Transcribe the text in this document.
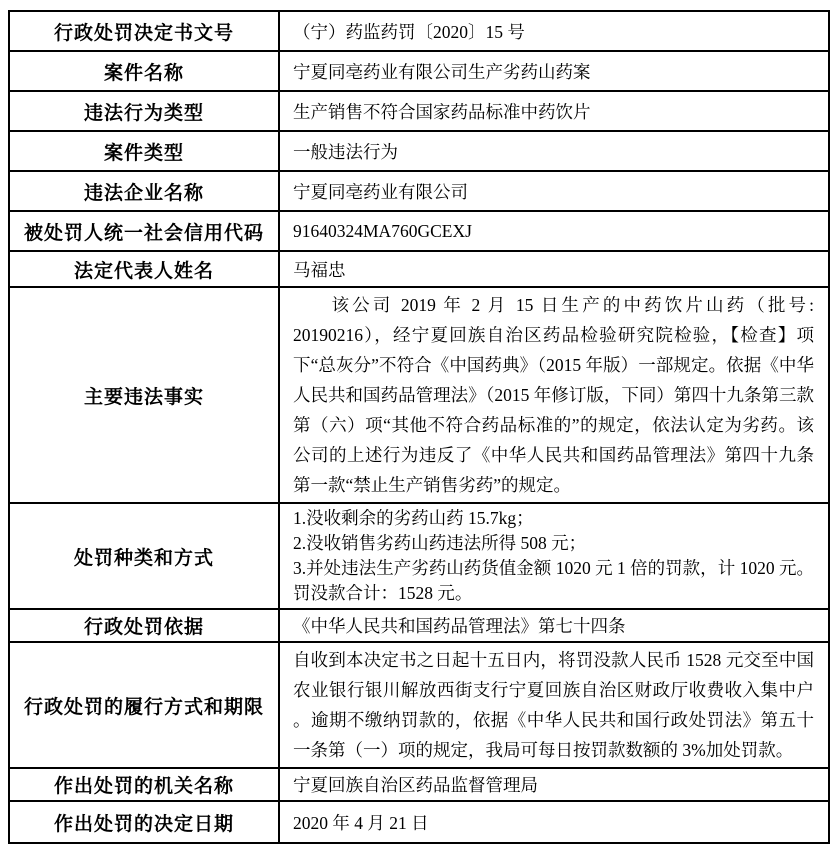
行政处罚决定书文号	（宁）药监药罚〔2020〕15 号
案件名称	宁夏同亳药业有限公司生产劣药山药案
违法行为类型	生产销售不符合国家药品标准中药饮片
案件类型	一般违法行为
违法企业名称	宁夏同亳药业有限公司
被处罚人统一社会信用代码	91640324MA760GCEXJ
法定代表人姓名	马福忠
主要违法事实	该公司 2019 年 2 月 15 日生产的中药饮片山药（批号: 20190216），经宁夏回族自治区药品检验研究院检验，【检查】项下“总灰分”不符合《中国药典》（2015 年版）一部规定。依据《中华人民共和国药品管理法》（2015 年修订版，下同）第四十九条第三款第（六）项“其他不符合药品标准的”的规定，依法认定为劣药。该公司的上述行为违反了《中华人民共和国药品管理法》第四十九条第一款“禁止生产销售劣药”的规定。

处罚种类和方式	1.没收剩余的劣药山药 15.7kg；
2.没收销售劣药山药违法所得 508 元；
3.并处违法生产劣药山药货值金额 1020 元 1 倍的罚款，计 1020 元。罚没款合计：1528 元。

行政处罚依据	《中华人民共和国药品管理法》第七十四条
行政处罚的履行方式和期限	自收到本决定书之日起十五日内，将罚没款人民币 1528 元交至中国农业银行银川解放西街支行宁夏回族自治区财政厅收费收入集中户 。逾期不缴纳罚款的，依据《中华人民共和国行政处罚法》第五十一条第（一）项的规定，我局可每日按罚款数额的 3%加处罚款。

作出处罚的机关名称	宁夏回族自治区药品监督管理局
作出处罚的决定日期	2020 年 4 月 21 日
